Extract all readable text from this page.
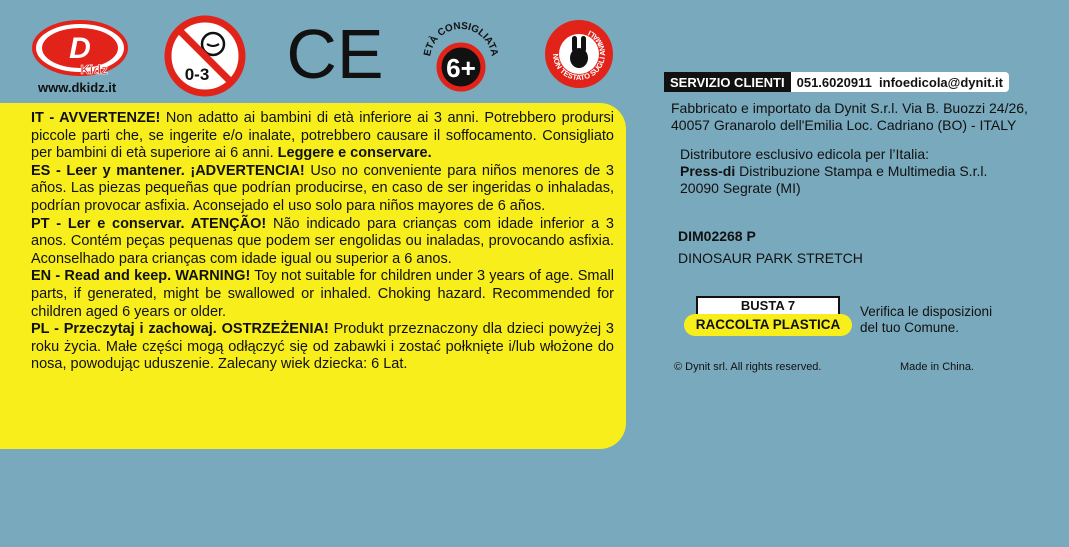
D
Kidz
www.dkidz.it
0-3 CE	ETÀ CONSIGLIATA
6+	NON TESTATO SUGLI ANIMALI

IT - AVVERTENZE! Non adatto ai bambini di età inferiore ai 3 anni. Potrebbero prodursi piccole parti che, se ingerite e/o inalate, potrebbero causare il soffocamento. Consigliato per bambini di età superiore ai 6 anni. Leggere e conservare.

ES - Leer y mantener. ¡ADVERTENCIA! Uso no conveniente para niños menores de 3 años. Las piezas pequeñas que podrían producirse, en caso de ser ingeridas o inhaladas, podrían provocar asfixia. Aconsejado el uso solo para niños mayores de 6 años.

PT - Ler e conservar. ATENÇÃO! Não indicado para crianças com idade inferior a 3 anos. Contém peças pequenas que podem ser engolidas ou inaladas, provocando asfixia. Aconselhado para crianças com idade igual ou superior a 6 anos.

EN - Read and keep. WARNING! Toy not suitable for children under 3 years of age. Small parts, if generated, might be swallowed or inhaled. Choking hazard. Recommended for children aged 6 years or older.

PL - Przeczytaj i zachowaj. OSTRZEŻENIA! Produkt przeznaczony dla dzieci powyżej 3 roku życia. Małe części mogą odłączyć się od zabawki i zostać połknięte i/lub włożone do nosa, powodując uduszenie. Zalecany wiek dziecka: 6 Lat.

SERVIZIO CLIENTI 051.6020911
infoedicola@dynit.it
Fabbricato e importato da Dynit S.r.l. Via B. Buozzi 24/26,
40057 Granarolo dell'Emilia Loc. Cadriano (BO) - ITALY
Distributore esclusivo edicola per l’Italia:
Press-di Distribuzione Stampa e Multimedia S.r.l.
20090 Segrate (MI)
DIM02268 P
DINOSAUR PARK STRETCH
BUSTA 7
RACCOLTA PLASTICA
Verifica le disposizioni
del tuo Comune.
© Dynit srl. All rights reserved.	Made in China.
